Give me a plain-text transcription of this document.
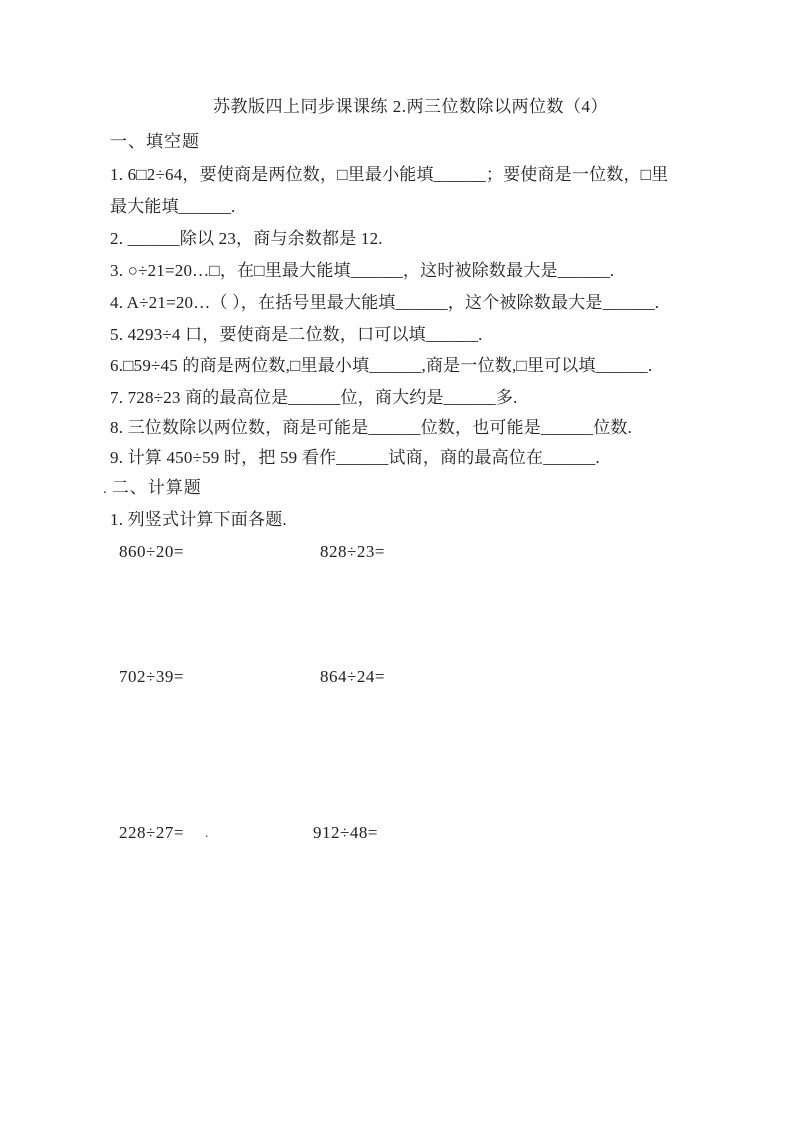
苏教版四上同步课课练 2.两三位数除以两位数（4）
一、填空题
1. 6□2÷64，要使商是两位数，□里最小能填______；要使商是一位数，□里
最大能填______.
2. ______除以 23，商与余数都是 12.
3. ○÷21=20…□，在□里最大能填______，这时被除数最大是______.
4. A÷21=20…（ ），在括号里最大能填______，这个被除数最大是______.
5. 4293÷4 口，要使商是二位数，口可以填______.
6.□59÷45 的商是两位数,□里最小填______,商是一位数,□里可以填______.
7. 728÷23 商的最高位是______位，商大约是______多.
8. 三位数除以两位数，商是可能是______位数，也可能是______位数.
9. 计算 450÷59 时，把 59 看作______试商，商的最高位在______.
. 二、计算题
1. 列竖式计算下面各题.
860÷20=	828÷23=
702÷39=	864÷24=
228÷27= .	912÷48=
